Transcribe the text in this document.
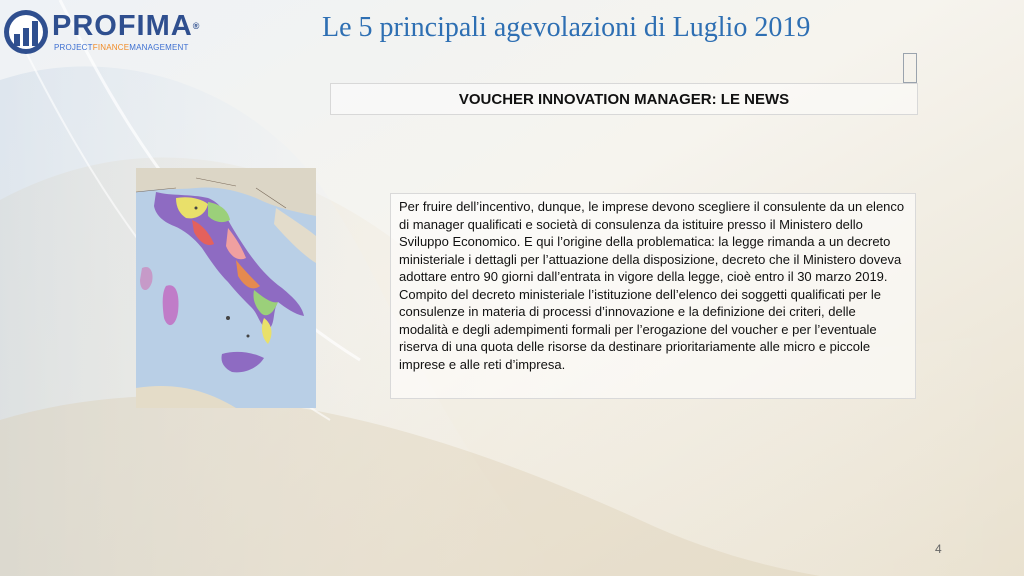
PROFIMA®
PROJECTFINANCEMANAGEMENT
Le 5 principali agevolazioni di Luglio 2019
VOUCHER INNOVATION MANAGER: LE NEWS

Per fruire dell’incentivo, dunque, le imprese devono scegliere il consulente da un elenco di manager qualificati e società di consulenza da istituire presso il Ministero dello Sviluppo Economico. E qui l’origine della problematica: la legge rimanda a un decreto ministeriale i dettagli per l’attuazione della disposizione, decreto che il Ministero doveva adottare entro 90 giorni dall’entrata in vigore della legge, cioè entro il 30 marzo 2019.

Compito del decreto ministeriale l’istituzione dell’elenco dei soggetti qualificati per le consulenze in materia di processi d’innovazione e la definizione dei criteri, delle modalità e degli adempimenti formali per l’erogazione del voucher e per l’eventuale riserva di una quota delle risorse da destinare prioritariamente alle micro e piccole imprese e alle reti d’impresa.

4
